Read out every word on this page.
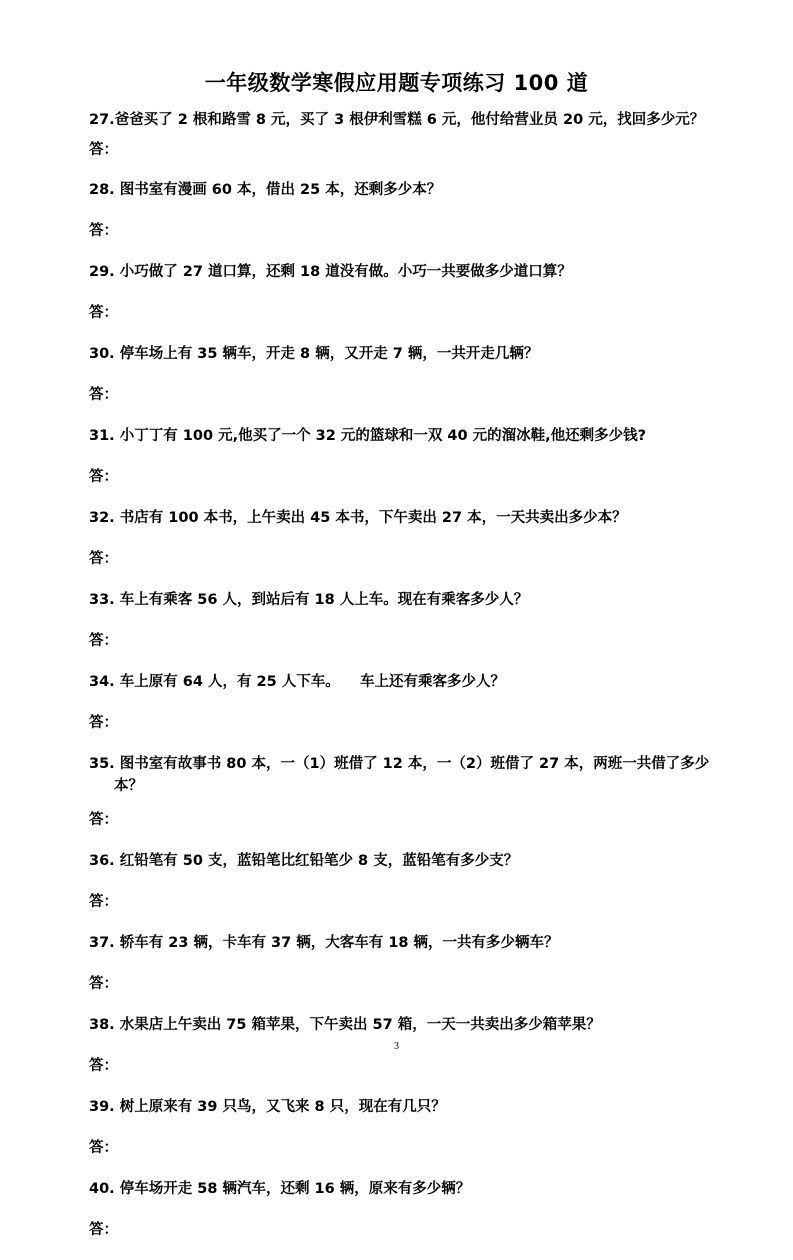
一年级数学寒假应用题专项练习 100 道

27.爸爸买了 2 根和路雪 8 元，买了 3 根伊利雪糕 6 元，他付给营业员 20 元，找回多少元？

答：

28. 图书室有漫画 60 本，借出 25 本，还剩多少本？

答：

29. 小巧做了 27 道口算，还剩 18 道没有做。小巧一共要做多少道口算？

答：

30. 停车场上有 35 辆车，开走 8 辆，又开走 7 辆，一共开走几辆？

答：

31. 小丁丁有 100 元,他买了一个 32 元的篮球和一双 40 元的溜冰鞋,他还剩多少钱?

答：

32. 书店有 100 本书，上午卖出 45 本书，下午卖出 27 本，一天共卖出多少本？

答：

33. 车上有乘客 56 人，到站后有 18 人上车。现在有乘客多少人？

答：

34. 车上原有 64 人，有 25 人下车。    车上还有乘客多少人？

答：

35. 图书室有故事书 80 本，一（1）班借了 12 本，一（2）班借了 27 本，两班一共借了多少本？

答：

36. 红铅笔有 50 支，蓝铅笔比红铅笔少 8 支，蓝铅笔有多少支？

答：

37. 轿车有 23 辆，卡车有 37 辆，大客车有 18 辆，一共有多少辆车？

答：

38. 水果店上午卖出 75 箱苹果，下午卖出 57 箱，一天一共卖出多少箱苹果？

答：

39. 树上原来有 39 只鸟，又飞来 8 只，现在有几只？

答：

40. 停车场开走 58 辆汽车，还剩 16 辆，原来有多少辆？

答：
3
